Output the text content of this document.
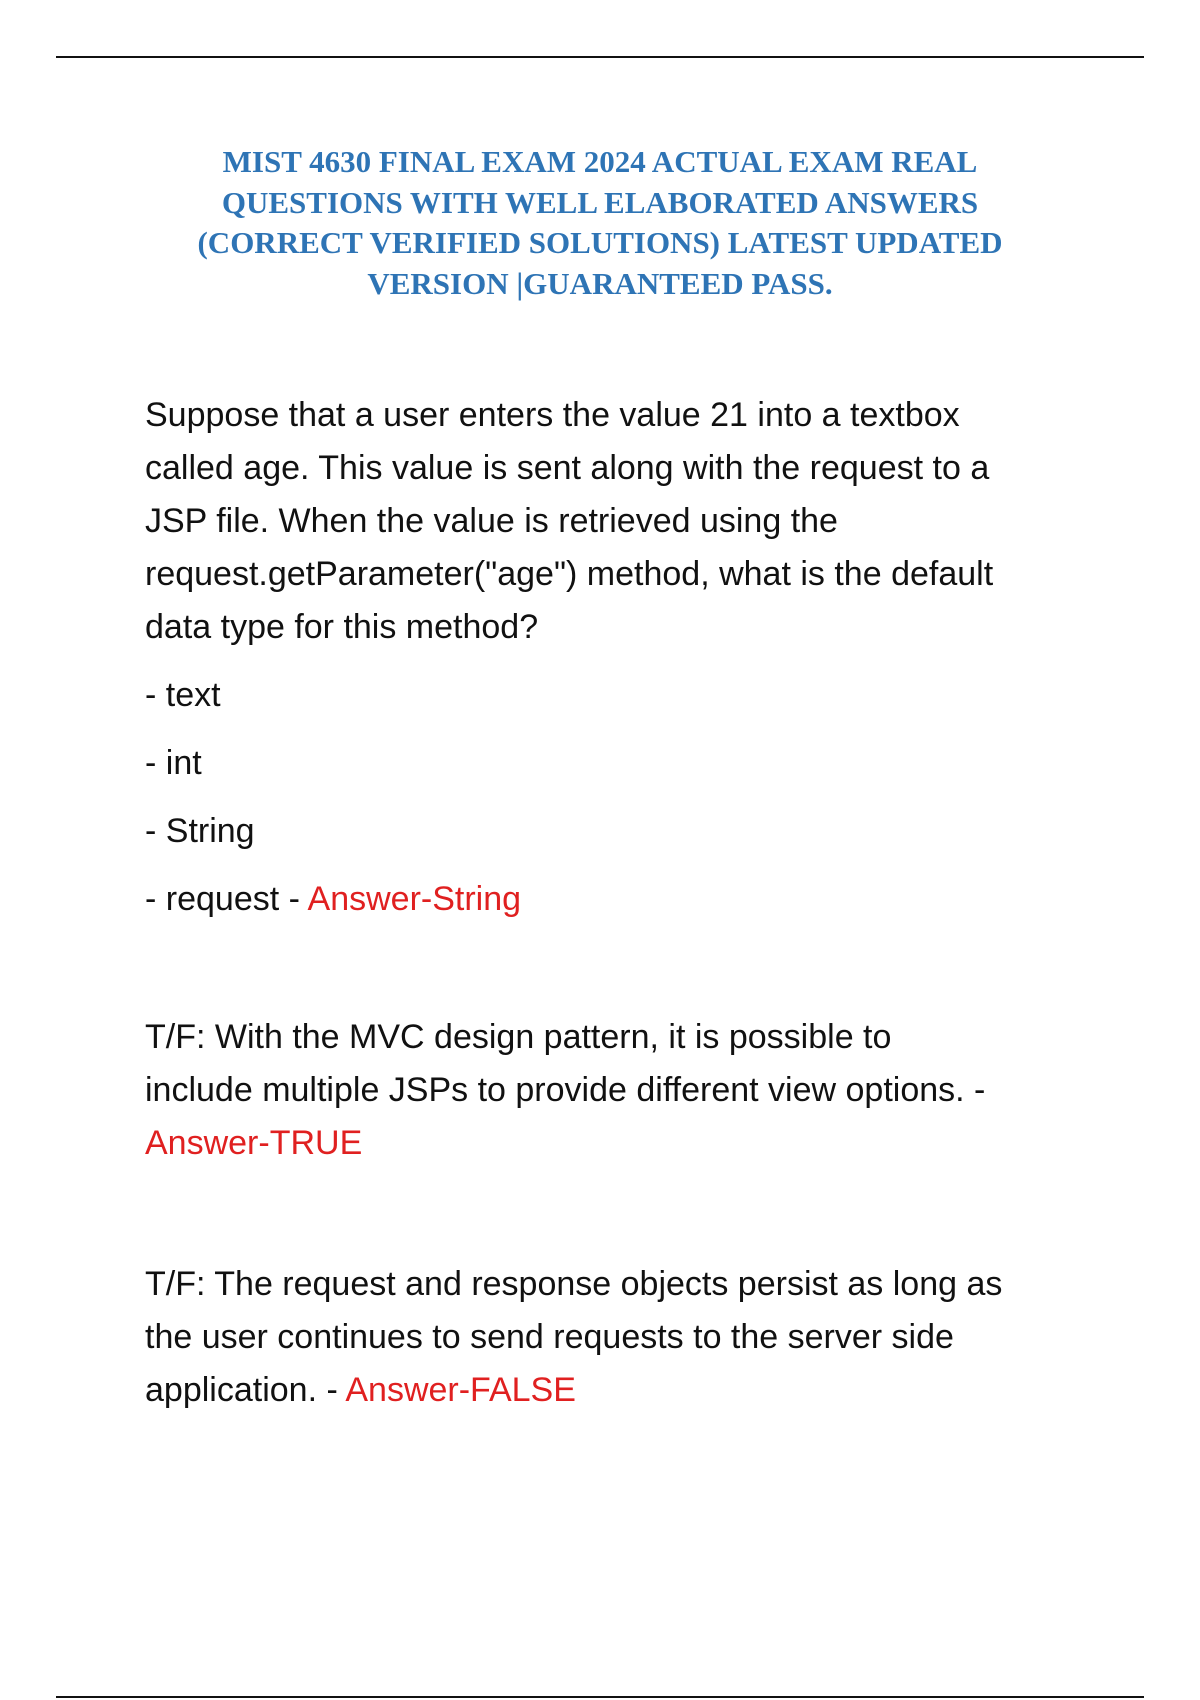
MIST 4630 FINAL EXAM 2024 ACTUAL EXAM REAL
QUESTIONS WITH WELL ELABORATED ANSWERS
(CORRECT VERIFIED SOLUTIONS) LATEST UPDATED
VERSION |GUARANTEED PASS.

Suppose that a user enters the value 21 into a textbox
called age. This value is sent along with the request to a
JSP file. When the value is retrieved using the
request.getParameter("age") method, what is the default
data type for this method?

- text

- int

- String

- request - Answer-String

T/F: With the MVC design pattern, it is possible to
include multiple JSPs to provide different view options. -
Answer-TRUE

T/F: The request and response objects persist as long as
the user continues to send requests to the server side
application. - Answer-FALSE
